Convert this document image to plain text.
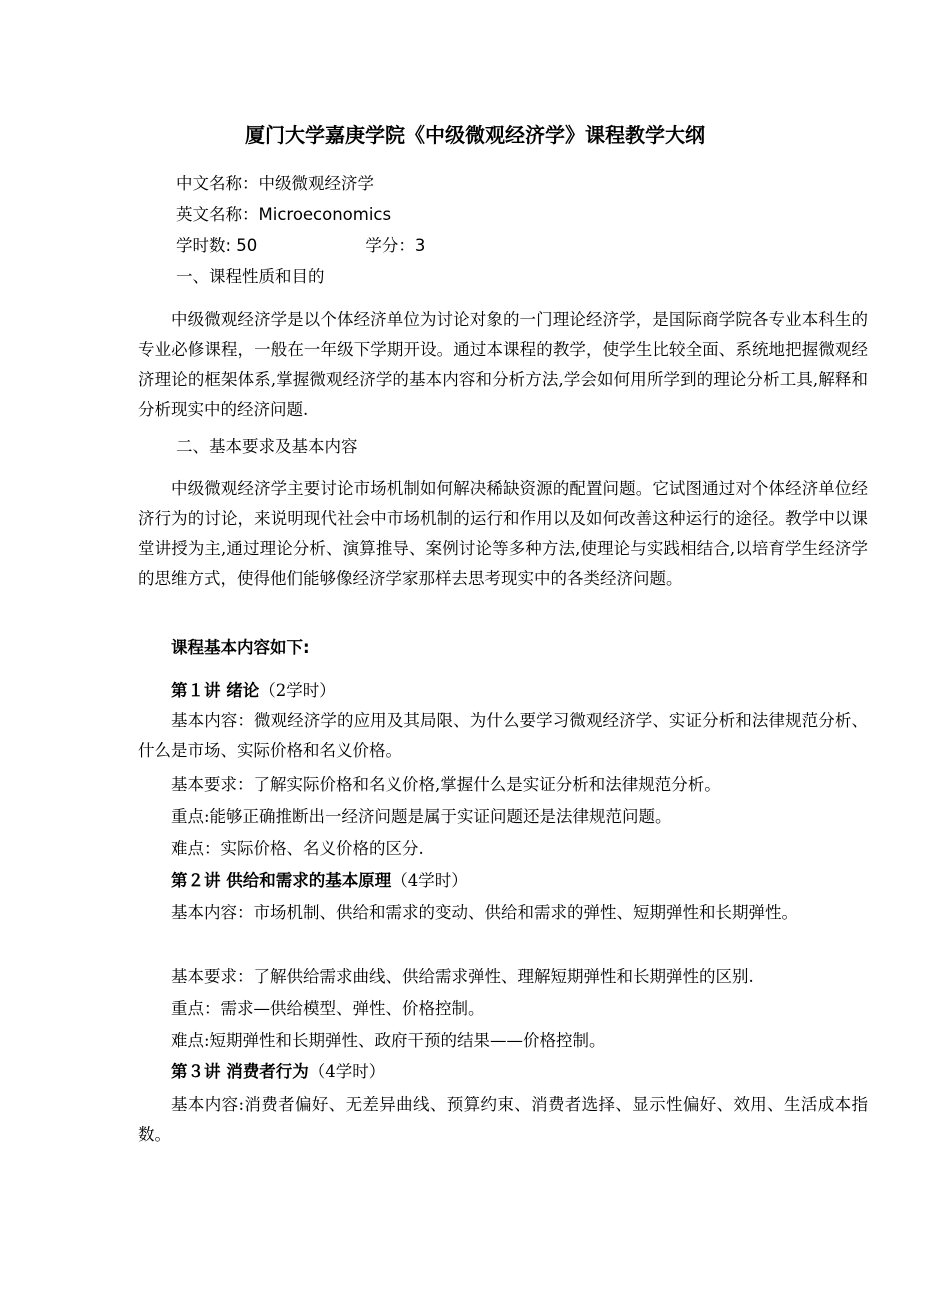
厦门大学嘉庚学院《中级微观经济学》课程教学大纲
中文名称：中级微观经济学
英文名称：Microeconomics
学时数: 50	学分：3
一、课程性质和目的

中级微观经济学是以个体经济单位为讨论对象的一门理论经济学，是国际商学院各专业本科生的专业必修课程，一般在一年级下学期开设。通过本课程的教学，使学生比较全面、系统地把握微观经济理论的框架体系,掌握微观经济学的基本内容和分析方法,学会如何用所学到的理论分析工具,解释和分析现实中的经济问题.

二、基本要求及基本内容

中级微观经济学主要讨论市场机制如何解决稀缺资源的配置问题。它试图通过对个体经济单位经济行为的讨论，来说明现代社会中市场机制的运行和作用以及如何改善这种运行的途径。教学中以课堂讲授为主,通过理论分析、演算推导、案例讨论等多种方法,使理论与实践相结合,以培育学生经济学的思维方式，使得他们能够像经济学家那样去思考现实中的各类经济问题。

课程基本内容如下:
第１讲 绪论（2学时）

基本内容：微观经济学的应用及其局限、为什么要学习微观经济学、实证分析和法律规范分析、什么是市场、实际价格和名义价格。

基本要求：了解实际价格和名义价格,掌握什么是实证分析和法律规范分析。

重点:能够正确推断出一经济问题是属于实证问题还是法律规范问题。

难点：实际价格、名义价格的区分.

第２讲 供给和需求的基本原理（4学时）

基本内容：市场机制、供给和需求的变动、供给和需求的弹性、短期弹性和长期弹性。

基本要求：了解供给需求曲线、供给需求弹性、理解短期弹性和长期弹性的区别.

重点：需求—供给模型、弹性、价格控制。

难点:短期弹性和长期弹性、政府干预的结果——价格控制。

第３讲 消费者行为（4学时）

基本内容:消费者偏好、无差异曲线、预算约束、消费者选择、显示性偏好、效用、生活成本指数。
